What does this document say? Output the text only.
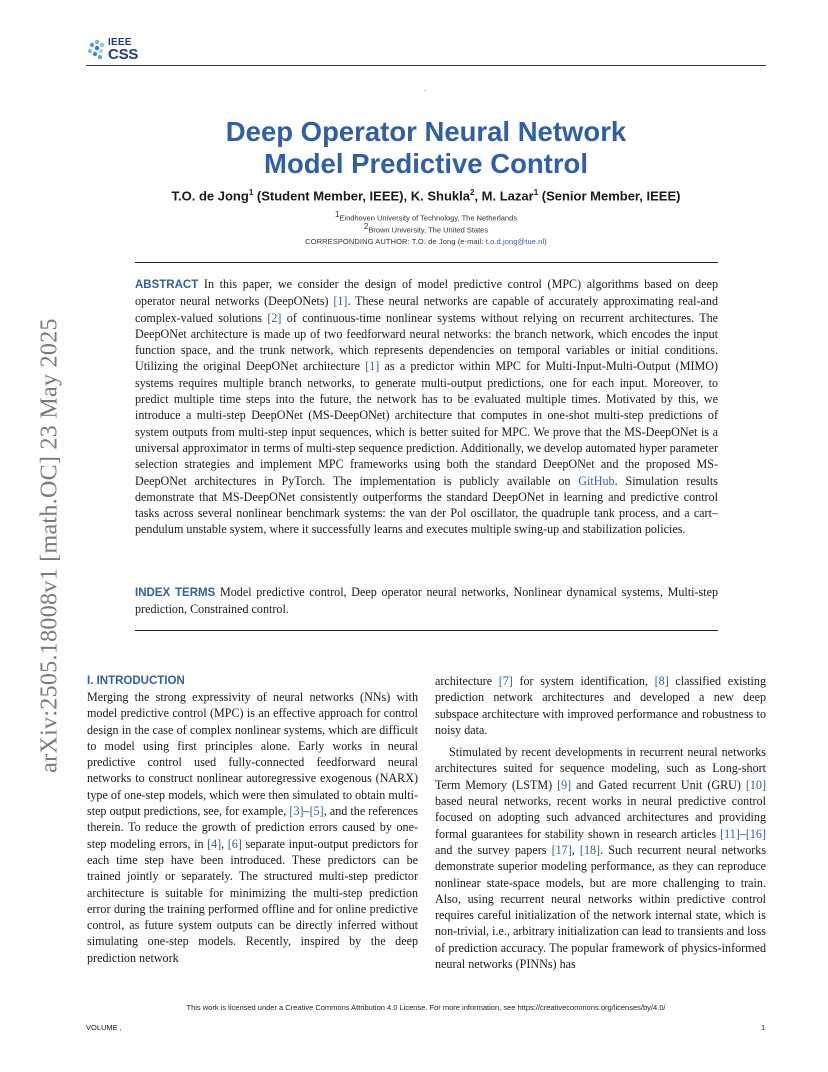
IEEE
CSS
.
arXiv:2505.18008v1 [math.OC] 23 May 2025
Deep Operator Neural Network
Model Predictive Control
T.O. de Jong$^1$ (Student Member, IEEE), K. Shukla$^2$, M. Lazar$^1$ (Senior Member, IEEE)
$^1$Eindhoven University of Technology, The Netherlands
$^2$Brown University, The United States
CORRESPONDING AUTHOR: T.O. de Jong (e-mail: t.o.d.jong@tue.nl)
ABSTRACT In this paper, we consider the design of model predictive control (MPC) algorithms based on deep operator neural networks (DeepONets) [1]. These neural networks are capable of accurately approximating real-and complex-valued solutions [2] of continuous-time nonlinear systems without relying on recurrent architectures. The DeepONet architecture is made up of two feedforward neural networks: the branch network, which encodes the input function space, and the trunk network, which represents dependencies on temporal variables or initial conditions. Utilizing the original DeepONet architecture [1] as a predictor within MPC for Multi-Input-Multi-Output (MIMO) systems requires multiple branch networks, to generate multi-output predictions, one for each input. Moreover, to predict multiple time steps into the future, the network has to be evaluated multiple times. Motivated by this, we introduce a multi-step DeepONet (MS-DeepONet) architecture that computes in one-shot multi-step predictions of system outputs from multi-step input sequences, which is better suited for MPC. We prove that the MS-DeepONet is a universal approximator in terms of multi-step sequence prediction. Additionally, we develop automated hyper parameter selection strategies and implement MPC frameworks using both the standard DeepONet and the proposed MS-DeepONet architectures in PyTorch. The implementation is publicly available on GitHub. Simulation results demonstrate that MS-DeepONet consistently outperforms the standard DeepONet in learning and predictive control tasks across several nonlinear benchmark systems: the van der Pol oscillator, the quadruple tank process, and a cart–pendulum unstable system, where it successfully learns and executes multiple swing-up and stabilization policies.
INDEX TERMS Model predictive control, Deep operator neural networks, Nonlinear dynamical systems, Multi-step prediction, Constrained control.
I. INTRODUCTION

Merging the strong expressivity of neural networks (NNs) with model predictive control (MPC) is an effective approach for control design in the case of complex nonlinear systems, which are difficult to model using first principles alone. Early works in neural predictive control used fully-connected feedforward neural networks to construct nonlinear autoregressive exogenous (NARX) type of one-step models, which were then simulated to obtain multi-step output predictions, see, for example, [3]–[5], and the references therein. To reduce the growth of prediction errors caused by one-step modeling errors, in [4], [6] separate input-output predictors for each time step have been introduced. These predictors can be trained jointly or separately. The structured multi-step predictor architecture is suitable for minimizing the multi-step prediction error during the training performed offline and for online predictive control, as future system outputs can be directly inferred without simulating one-step models. Recently, inspired by the deep prediction network

architecture [7] for system identification, [8] classified existing prediction network architectures and developed a new deep subspace architecture with improved performance and robustness to noisy data.

Stimulated by recent developments in recurrent neural networks architectures suited for sequence modeling, such as Long-short Term Memory (LSTM) [9] and Gated recurrent Unit (GRU) [10] based neural networks, recent works in neural predictive control focused on adopting such advanced architectures and providing formal guarantees for stability shown in research articles [11]–[16] and the survey papers [17], [18]. Such recurrent neural networks demonstrate superior modeling performance, as they can reproduce nonlinear state-space models, but are more challenging to train. Also, using recurrent neural networks within predictive control requires careful initialization of the network internal state, which is non-trivial, i.e., arbitrary initialization can lead to transients and loss of prediction accuracy. The popular framework of physics-informed neural networks (PINNs) has

This work is licensed under a Creative Commons Attribution 4.0 License. For more information, see https://creativecommons.org/licenses/by/4.0/
VOLUME ,	1
